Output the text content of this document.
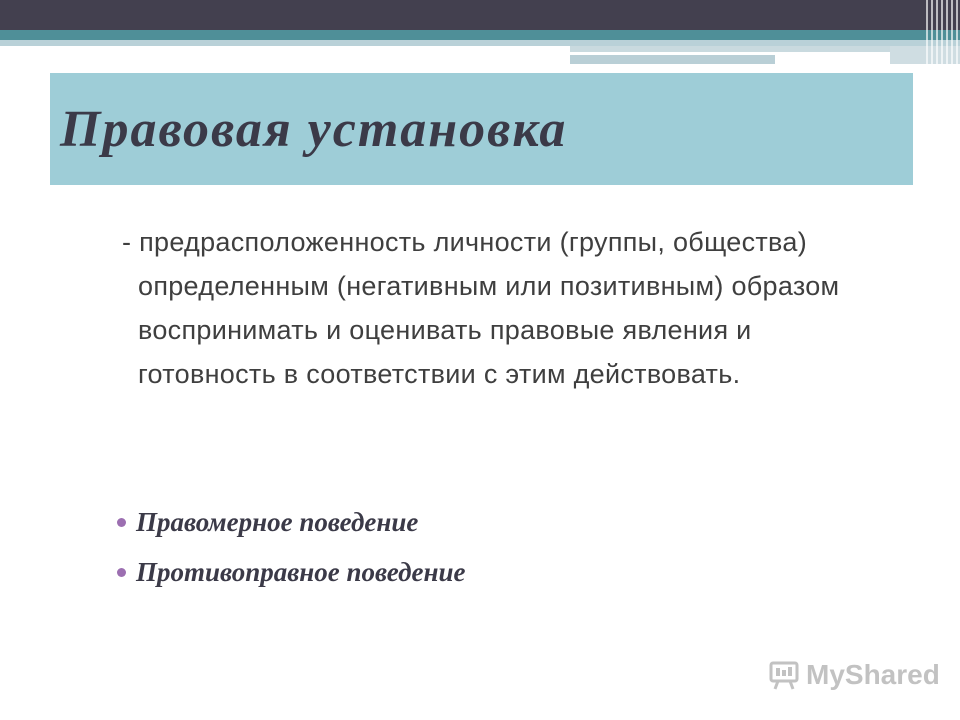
Правовая установка
- предрасположенность личности (группы, общества) определенным (негативным или позитивным) образом воспринимать и оценивать правовые явления и готовность в соответствии с этим действовать.
Правомерное поведение
Противоправное поведение
MyShared
